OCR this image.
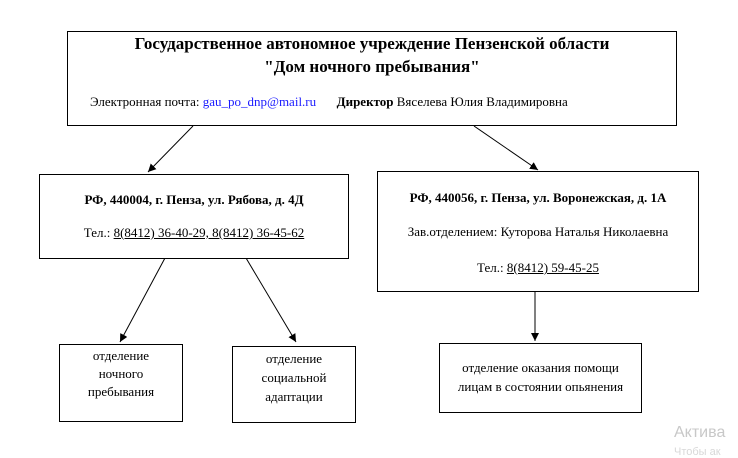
Государственное автономное учреждение Пензенской области
"Дом ночного пребывания"
Электронная почта: gau_po_dnp@mail.ru Директор Вяселева Юлия Владимировна
РФ, 440004, г. Пенза, ул. Рябова, д. 4Д
Тел.: 8(8412) 36-40-29, 8(8412) 36-45-62
РФ, 440056, г. Пенза, ул. Воронежская, д. 1А
Зав.отделением: Куторова Наталья Николаевна
Тел.: 8(8412) 59-45-25
отделение
ночного
пребывания
отделение
социальной
адаптации
отделение оказания помощи
лицам в состоянии опьянения
Актива
Чтобы ак
